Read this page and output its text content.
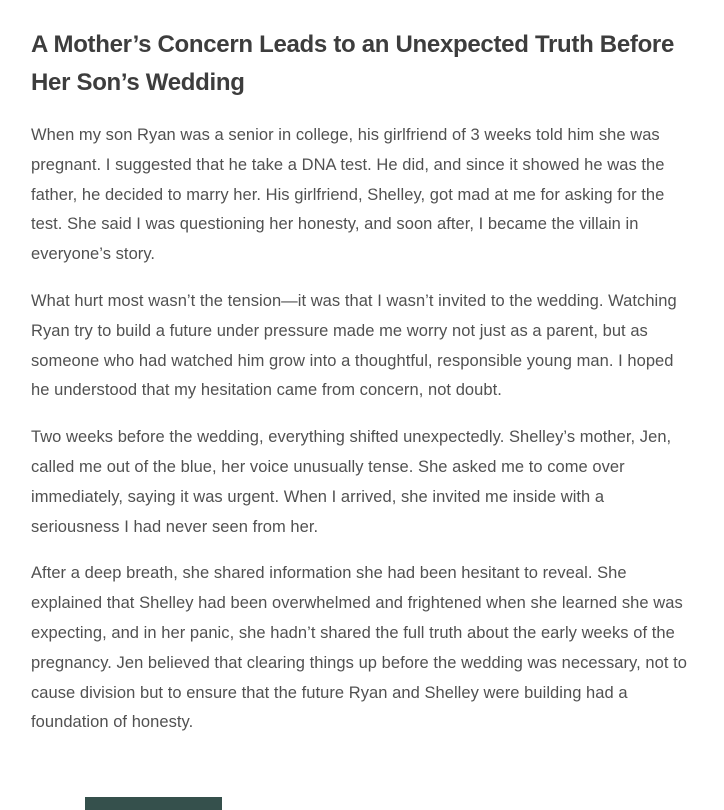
A Mother’s Concern Leads to an Unexpected Truth Before Her Son’s Wedding

When my son Ryan was a senior in college, his girlfriend of 3 weeks told him she was pregnant. I suggested that he take a DNA test. He did, and since it showed he was the father, he decided to marry her. His girlfriend, Shelley, got mad at me for asking for the test. She said I was questioning her honesty, and soon after, I became the villain in everyone’s story.

What hurt most wasn’t the tension—it was that I wasn’t invited to the wedding. Watching Ryan try to build a future under pressure made me worry not just as a parent, but as someone who had watched him grow into a thoughtful, responsible young man. I hoped he understood that my hesitation came from concern, not doubt.

Two weeks before the wedding, everything shifted unexpectedly. Shelley’s mother, Jen, called me out of the blue, her voice unusually tense. She asked me to come over immediately, saying it was urgent. When I arrived, she invited me inside with a seriousness I had never seen from her.

After a deep breath, she shared information she had been hesitant to reveal. She explained that Shelley had been overwhelmed and frightened when she learned she was expecting, and in her panic, she hadn’t shared the full truth about the early weeks of the pregnancy. Jen believed that clearing things up before the wedding was necessary, not to cause division but to ensure that the future Ryan and Shelley were building had a foundation of honesty.
